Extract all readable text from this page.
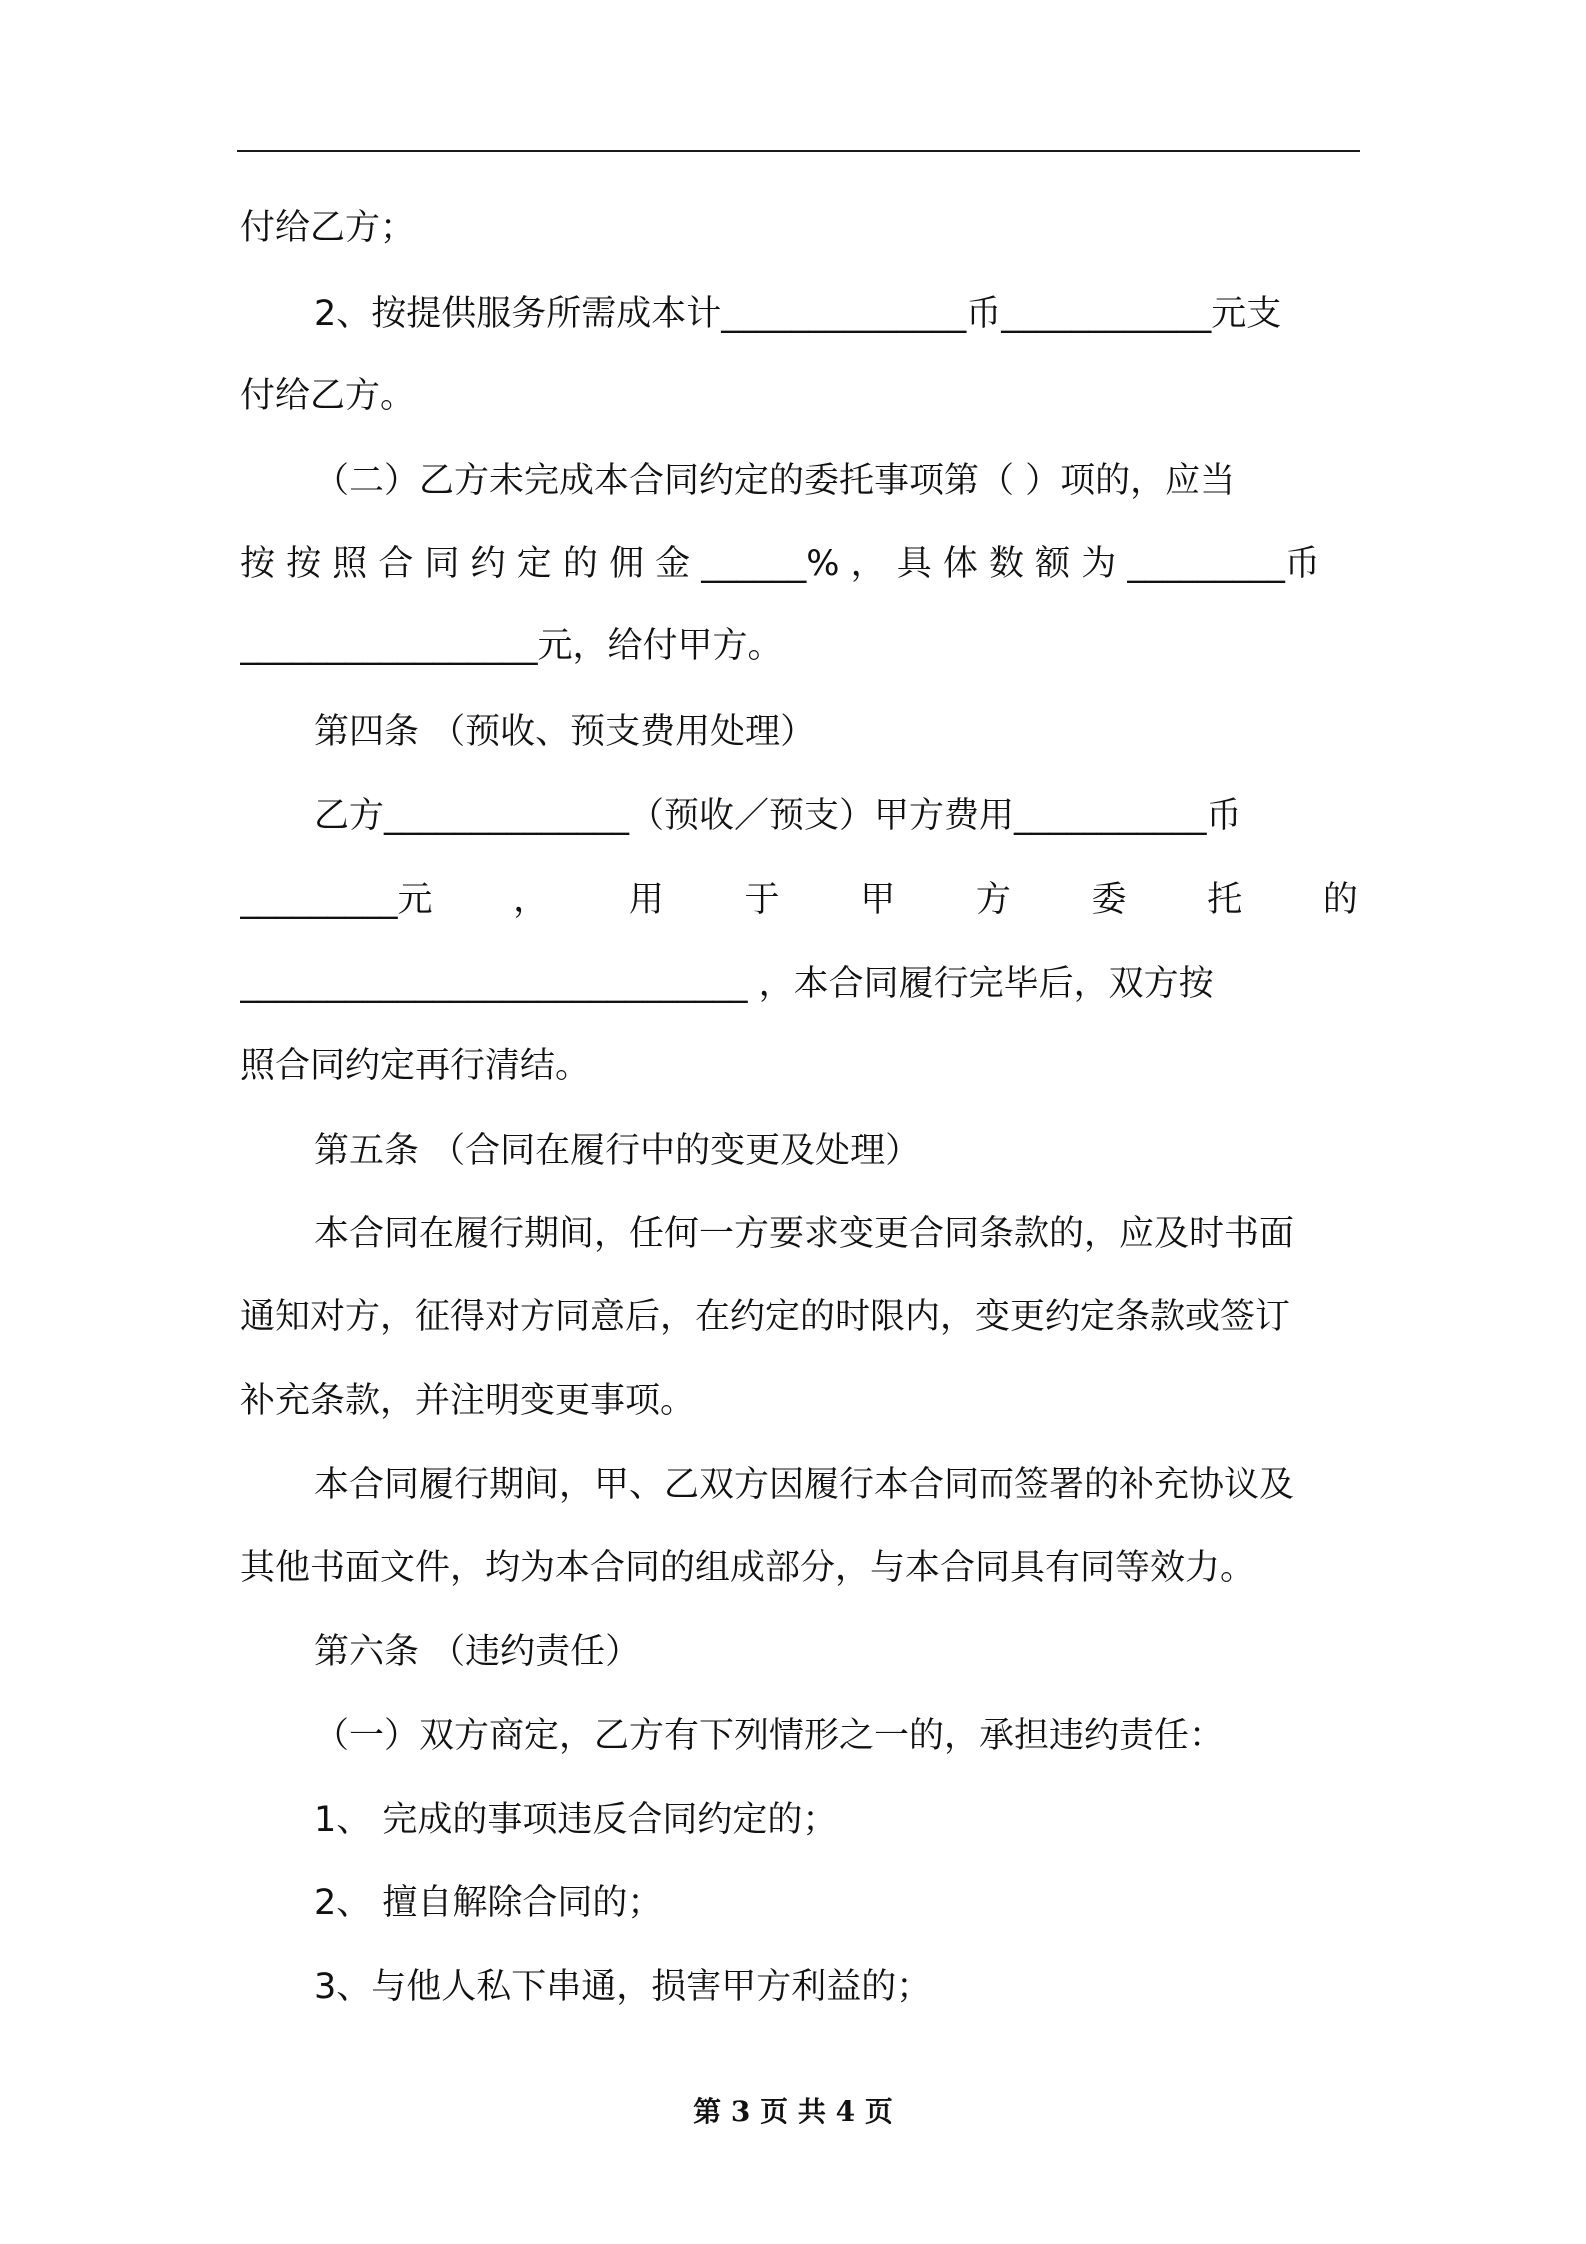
付给乙方；
2、按提供服务所需成本计______________币____________元支
付给乙方。
（二）乙方未完成本合同约定的委托事项第（ ）项的，应当
按 按 照 合 同 约 定 的 佣 金 ______% ， 具 体 数 额 为 _________币
_________________元，给付甲方。
第四条 （预收、预支费用处理）
乙方______________（预收／预支）甲方费用___________币
_________元 ， 用 于 甲 方 委 托 的
_____________________________ ，本合同履行完毕后，双方按
照合同约定再行清结。
第五条 （合同在履行中的变更及处理）
本合同在履行期间，任何一方要求变更合同条款的，应及时书面
通知对方，征得对方同意后，在约定的时限内，变更约定条款或签订
补充条款，并注明变更事项。
本合同履行期间，甲、乙双方因履行本合同而签署的补充协议及
其他书面文件，均为本合同的组成部分，与本合同具有同等效力。
第六条 （违约责任）
（一）双方商定，乙方有下列情形之一的，承担违约责任：
1、 完成的事项违反合同约定的；
2、 擅自解除合同的；
3、与他人私下串通，损害甲方利益的；
第 3 页 共 4 页
